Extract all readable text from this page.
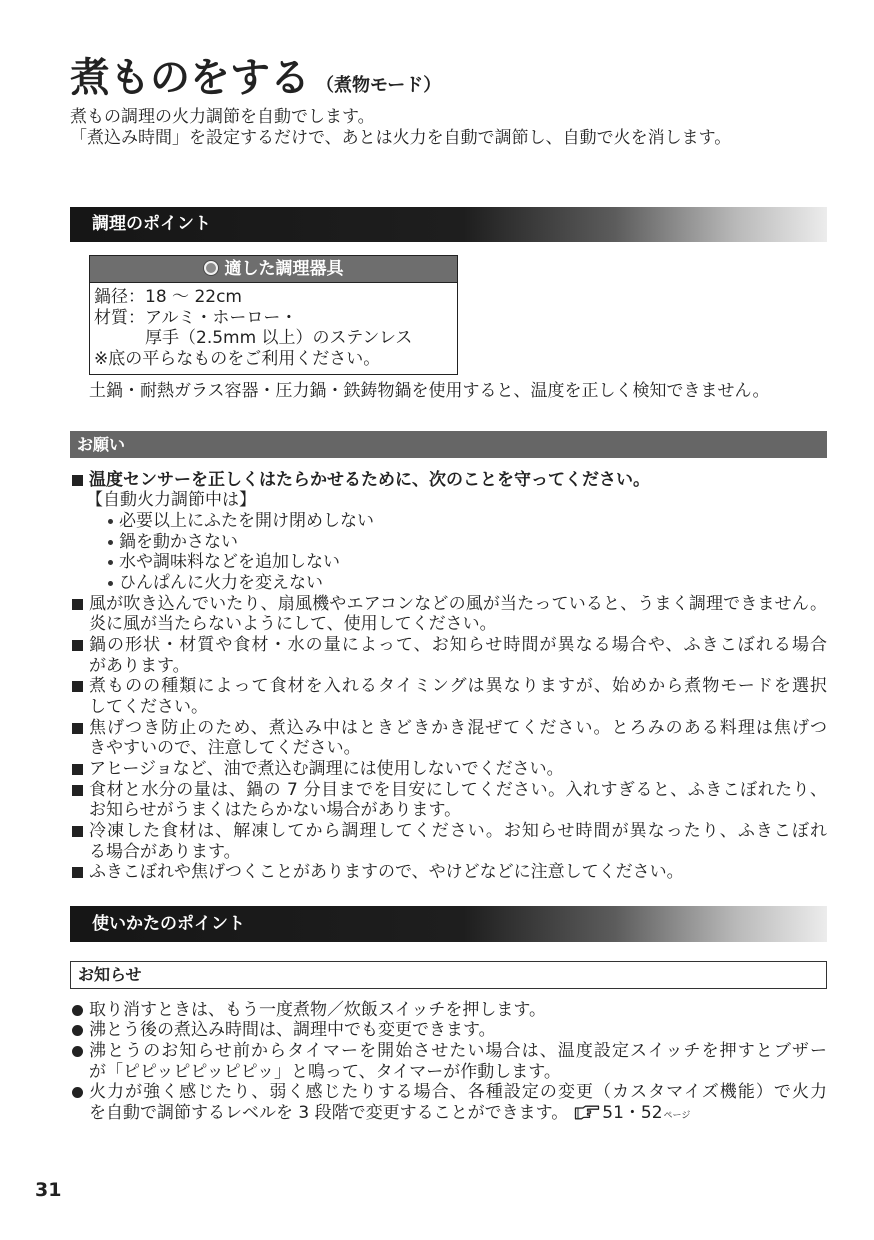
煮ものをする （煮物モード）
煮もの調理の火力調節を自動でします。
「煮込み時間」を設定するだけで、あとは火力を自動で調節し、自動で火を消します。
調理のポイント
適した調理器具
鍋径：18 ～ 22cm
材質：アルミ・ホーロー・
厚手（2.5mm 以上）のステンレス
※底の平らなものをご利用ください。
土鍋・耐熱ガラス容器・圧力鍋・鉄鋳物鍋を使用すると、温度を正しく検知できません。
お願い
温度センサーを正しくはたらかせるために、次のことを守ってください。
【自動火力調節中は】
必要以上にふたを開け閉めしない
鍋を動かさない
水や調味料などを追加しない
ひんぱんに火力を変えない
風が吹き込んでいたり、扇風機やエアコンなどの風が当たっていると、うまく調理できません。
炎に風が当たらないようにして、使用してください。
鍋の形状・材質や食材・水の量によって、お知らせ時間が異なる場合や、ふきこぼれる場合
があります。
煮ものの種類によって食材を入れるタイミングは異なりますが、始めから煮物モードを選択
してください。
焦げつき防止のため、煮込み中はときどきかき混ぜてください。とろみのある料理は焦げつ
きやすいので、注意してください。
アヒージョなど、油で煮込む調理には使用しないでください。
食材と水分の量は、鍋の 7 分目までを目安にしてください。入れすぎると、ふきこぼれたり、
お知らせがうまくはたらかない場合があります。
冷凍した食材は、解凍してから調理してください。お知らせ時間が異なったり、ふきこぼれ
る場合があります。
ふきこぼれや焦げつくことがありますので、やけどなどに注意してください。
使いかたのポイント
お知らせ
取り消すときは、もう一度煮物／炊飯スイッチを押します。
沸とう後の煮込み時間は、調理中でも変更できます。
沸とうのお知らせ前からタイマーを開始させたい場合は、温度設定スイッチを押すとブザー
が「ピピッピピッピピッ」と鳴って、タイマーが作動します。
火力が強く感じたり、弱く感じたりする場合、各種設定の変更（カスタマイズ機能）で火力
を自動で調節するレベルを 3 段階で変更することができます。 51・52ページ
31
